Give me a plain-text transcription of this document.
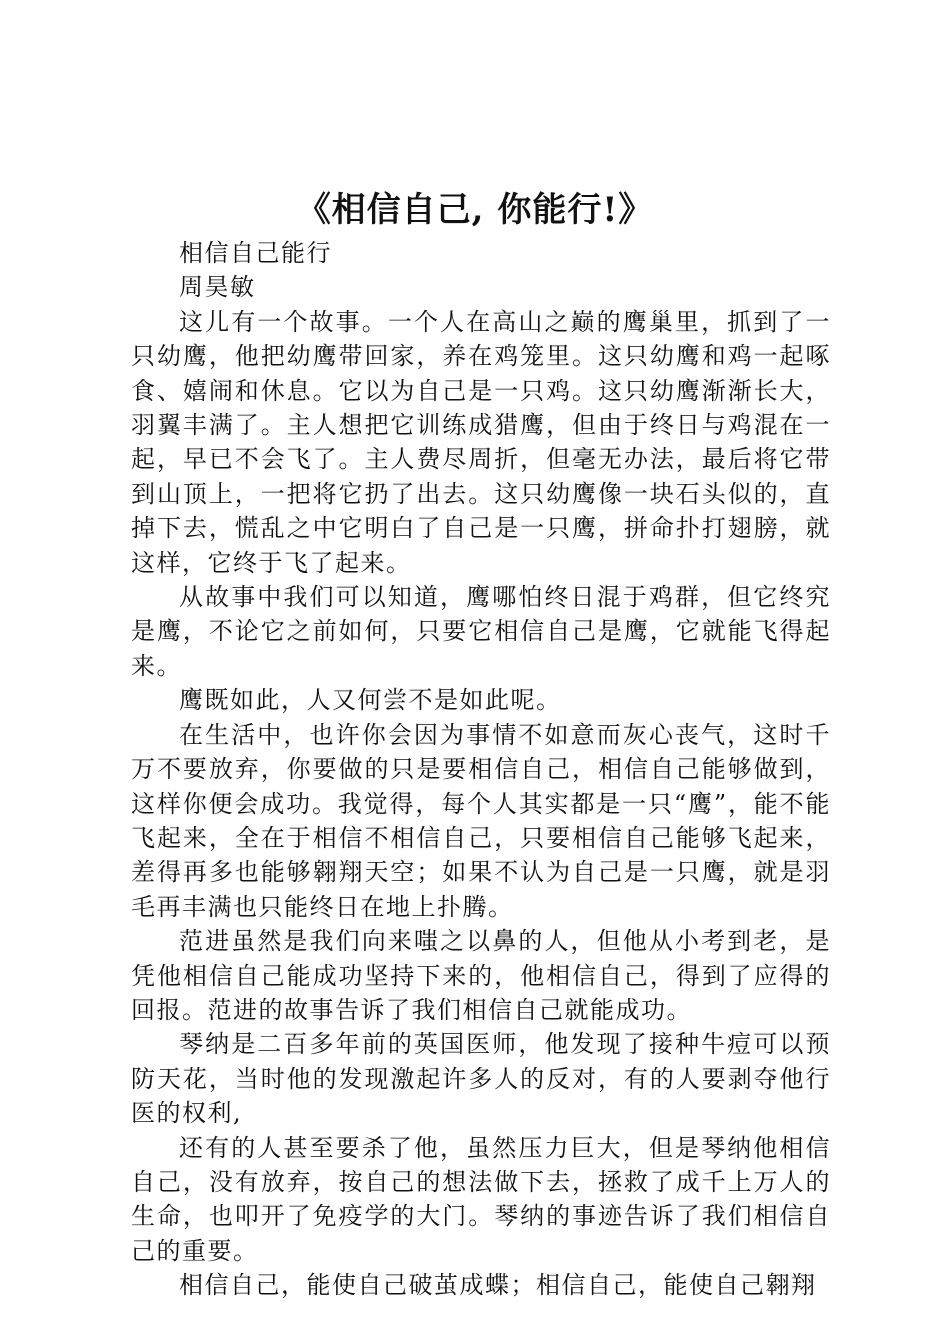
《相信自己, 你能行!》

相信自己能行

周昊敏

这儿有一个故事。一个人在高山之巅的鹰巢里，抓到了一只幼鹰，他把幼鹰带回家，养在鸡笼里。这只幼鹰和鸡一起啄食、嬉闹和休息。它以为自己是一只鸡。这只幼鹰渐渐长大，羽翼丰满了。主人想把它训练成猎鹰，但由于终日与鸡混在一起，早已不会飞了。主人费尽周折，但毫无办法，最后将它带到山顶上，一把将它扔了出去。这只幼鹰像一块石头似的，直掉下去，慌乱之中它明白了自己是一只鹰，拼命扑打翅膀，就这样，它终于飞了起来。

从故事中我们可以知道，鹰哪怕终日混于鸡群，但它终究是鹰，不论它之前如何，只要它相信自己是鹰，它就能飞得起来。

鹰既如此，人又何尝不是如此呢。

在生活中，也许你会因为事情不如意而灰心丧气，这时千万不要放弃，你要做的只是要相信自己，相信自己能够做到，这样你便会成功。我觉得，每个人其实都是一只“鹰”，能不能飞起来，全在于相信不相信自己，只要相信自己能够飞起来，差得再多也能够翱翔天空；如果不认为自己是一只鹰，就是羽毛再丰满也只能终日在地上扑腾。

范进虽然是我们向来嗤之以鼻的人，但他从小考到老，是凭他相信自己能成功坚持下来的，他相信自己，得到了应得的回报。范进的故事告诉了我们相信自己就能成功。

琴纳是二百多年前的英国医师，他发现了接种牛痘可以预防天花，当时他的发现激起许多人的反对，有的人要剥夺他行医的权利,

还有的人甚至要杀了他，虽然压力巨大，但是琴纳他相信自己，没有放弃，按自己的想法做下去，拯救了成千上万人的生命，也叩开了免疫学的大门。琴纳的事迹告诉了我们相信自己的重要。

相信自己，能使自己破茧成蝶；相信自己，能使自己翱翔
